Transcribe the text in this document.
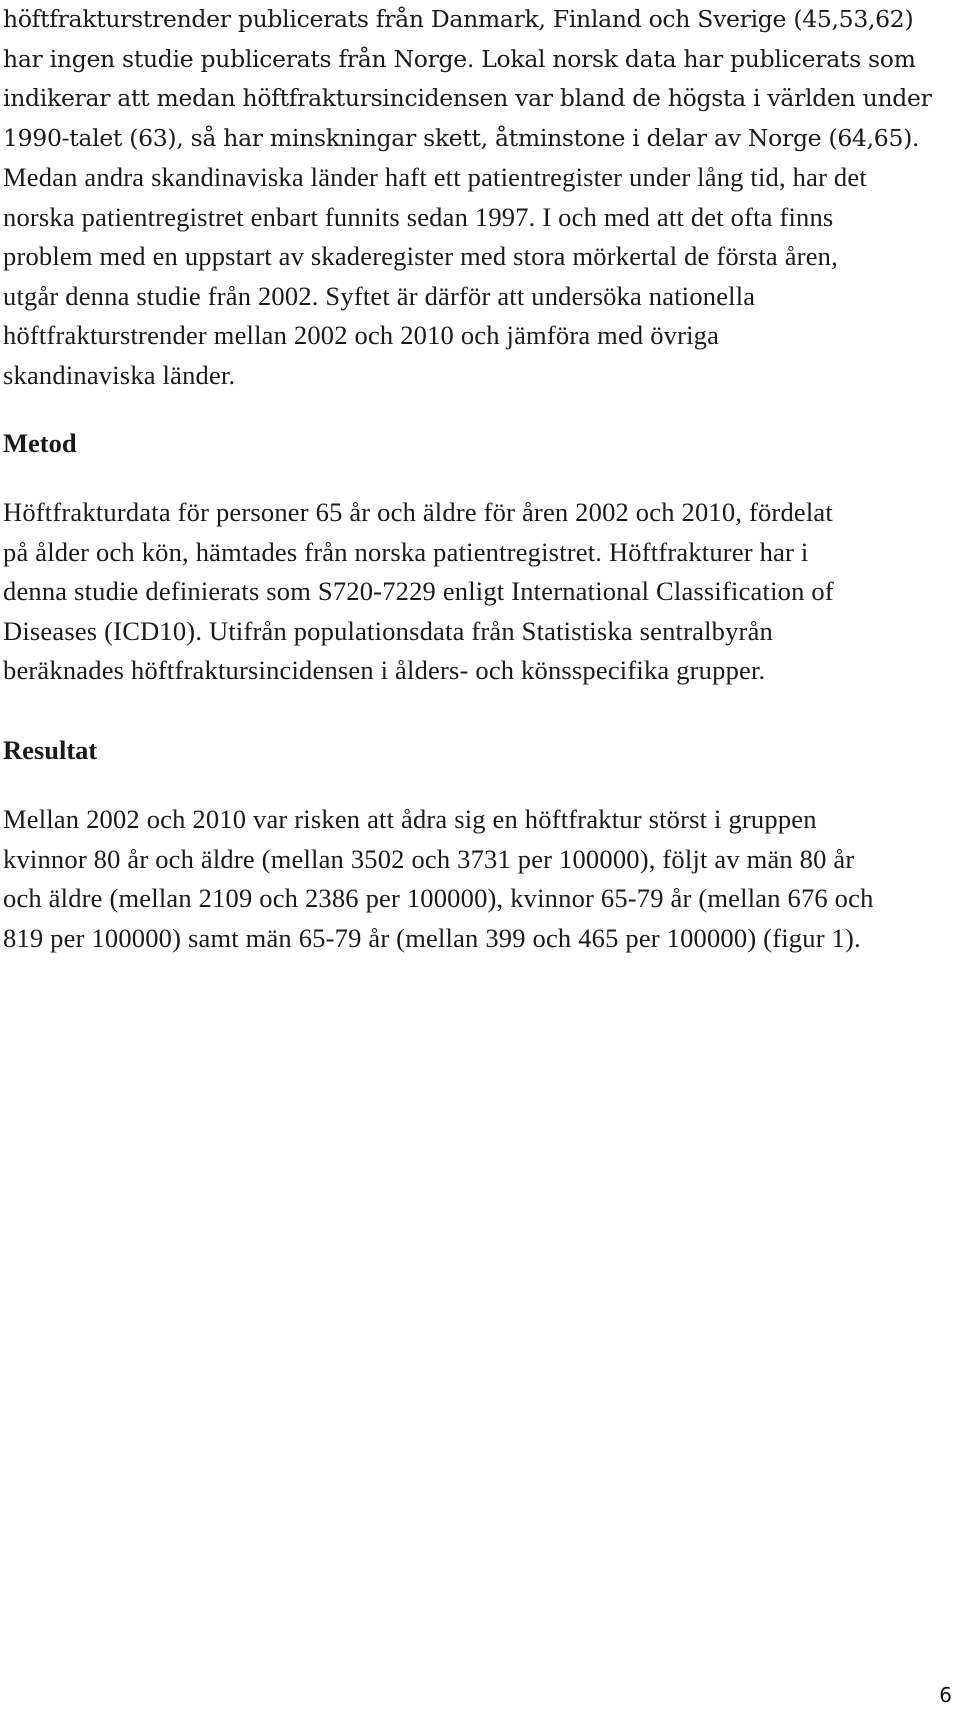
höftfrakturstrender publicerats från Danmark, Finland och Sverige (45,53,62)
har ingen studie publicerats från Norge. Lokal norsk data har publicerats som
indikerar att medan höftfraktursincidensen var bland de högsta i världen under
1990-talet (63), så har minskningar skett, åtminstone i delar av Norge (64,65).
Medan andra skandinaviska länder haft ett patientregister under lång tid, har det
norska patientregistret enbart funnits sedan 1997. I och med att det ofta finns
problem med en uppstart av skaderegister med stora mörkertal de första åren,
utgår denna studie från 2002. Syftet är därför att undersöka nationella
höftfrakturstrender mellan 2002 och 2010 och jämföra med övriga
skandinaviska länder.

Metod

Höftfrakturdata för personer 65 år och äldre för åren 2002 och 2010, fördelat
på ålder och kön, hämtades från norska patientregistret. Höftfrakturer har i
denna studie definierats som S720-7229 enligt International Classification of
Diseases (ICD10). Utifrån populationsdata från Statistiska sentralbyrån
beräknades höftfraktursincidensen i ålders- och könsspecifika grupper.

Resultat

Mellan 2002 och 2010 var risken att ådra sig en höftfraktur störst i gruppen
kvinnor 80 år och äldre (mellan 3502 och 3731 per 100000), följt av män 80 år
och äldre (mellan 2109 och 2386 per 100000), kvinnor 65-79 år (mellan 676 och
819 per 100000) samt män 65-79 år (mellan 399 och 465 per 100000) (figur 1).

6
